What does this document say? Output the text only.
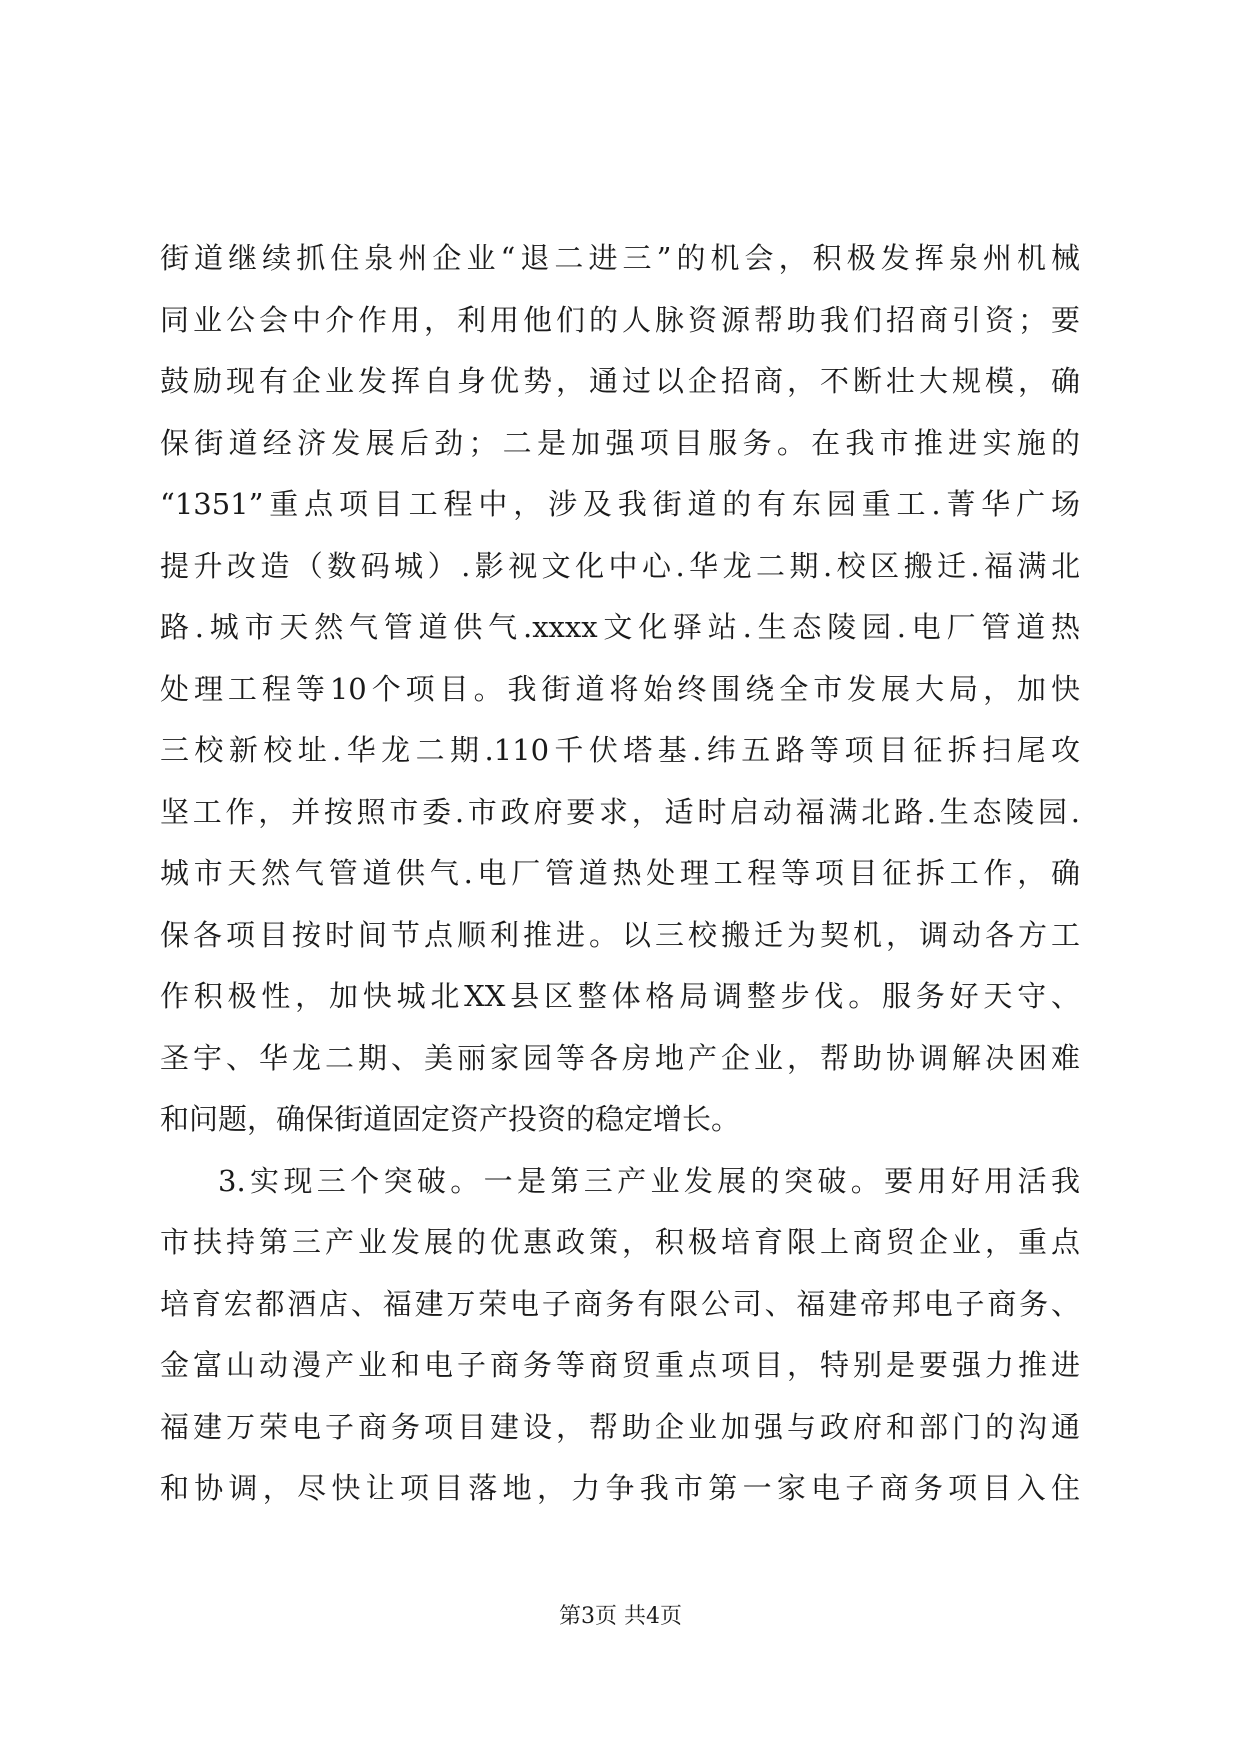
街道继续抓住泉州企业“退二进三”的机会，积极发挥泉州机械
同业公会中介作用，利用他们的人脉资源帮助我们招商引资；要
鼓励现有企业发挥自身优势，通过以企招商，不断壮大规模，确
保街道经济发展后劲；二是加强项目服务。在我市推进实施的
“1351”重点项目工程中，涉及我街道的有东园重工.菁华广场
提升改造（数码城）.影视文化中心.华龙二期.校区搬迁.福满北
路.城市天然气管道供气.xxxx文化驿站.生态陵园.电厂管道热
处理工程等10个项目。我街道将始终围绕全市发展大局，加快
三校新校址.华龙二期.110千伏塔基.纬五路等项目征拆扫尾攻
坚工作，并按照市委.市政府要求，适时启动福满北路.生态陵园.
城市天然气管道供气.电厂管道热处理工程等项目征拆工作，确
保各项目按时间节点顺利推进。以三校搬迁为契机，调动各方工
作积极性，加快城北XX县区整体格局调整步伐。服务好天守、
圣宇、华龙二期、美丽家园等各房地产企业，帮助协调解决困难
和问题，确保街道固定资产投资的稳定增长。
3.实现三个突破。一是第三产业发展的突破。要用好用活我
市扶持第三产业发展的优惠政策，积极培育限上商贸企业，重点
培育宏都酒店、福建万荣电子商务有限公司、福建帝邦电子商务、
金富山动漫产业和电子商务等商贸重点项目，特别是要强力推进
福建万荣电子商务项目建设，帮助企业加强与政府和部门的沟通
和协调，尽快让项目落地，力争我市第一家电子商务项目入住
第3页 共4页
